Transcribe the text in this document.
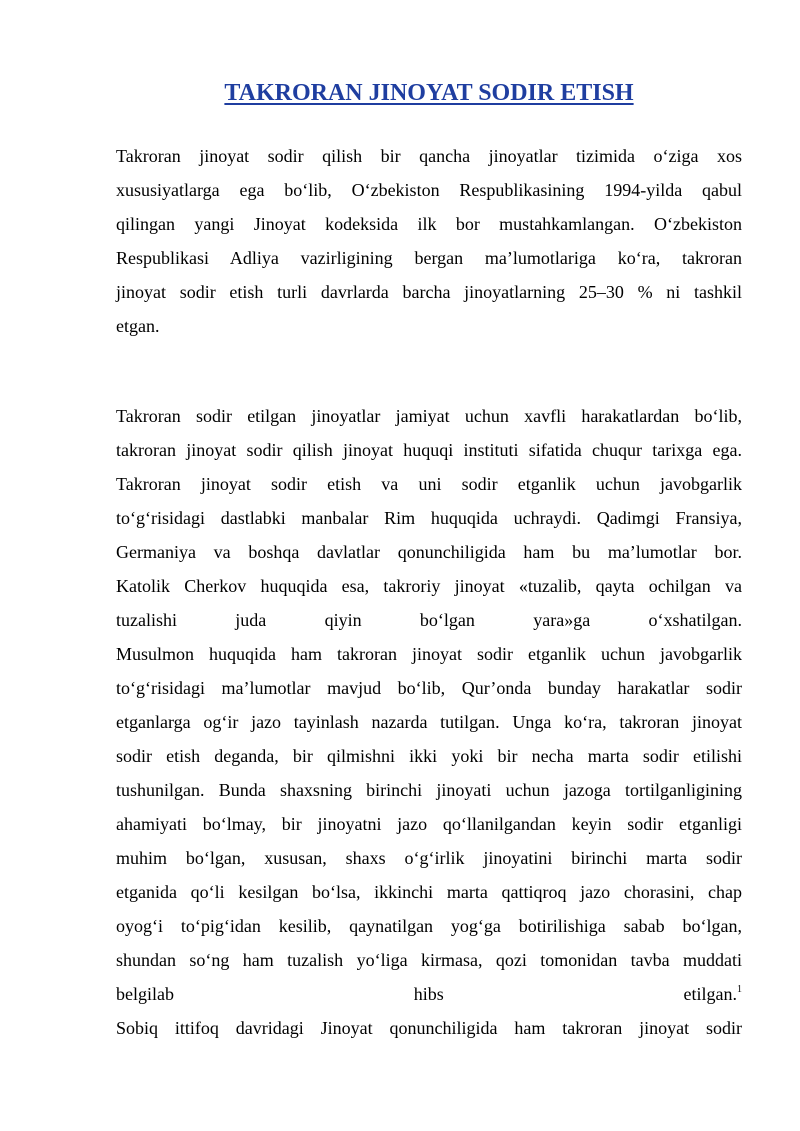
TAKRORAN JINOYAT SODIR ETISH
Takroran jinoyat sodir qilish bir qancha jinoyatlar tizimida o‘ziga xos
xususiyatlarga ega bo‘lib, O‘zbekiston Respublikasining 1994-yilda qabul
qilingan yangi Jinoyat kodeksida ilk bor mustahkamlangan. O‘zbekiston
Respublikasi Adliya vazirligining bergan ma’lumotlariga ko‘ra, takroran
jinoyat sodir etish turli davrlarda barcha jinoyatlarning 25–30 % ni tashkil
etgan.
Takroran sodir etilgan jinoyatlar jamiyat uchun xavfli harakatlardan bo‘lib,
takroran jinoyat sodir qilish jinoyat huquqi instituti sifatida chuqur tarixga ega.
Takroran jinoyat sodir etish va uni sodir etganlik uchun javobgarlik
to‘g‘risidagi dastlabki manbalar Rim huquqida uchraydi. Qadimgi Fransiya,
Germaniya va boshqa davlatlar qonunchiligida ham bu ma’lumotlar bor.
Katolik Cherkov huquqida esa, takroriy jinoyat «tuzalib, qayta ochilgan va
tuzalishi juda qiyin bo‘lgan yara»ga o‘xshatilgan.
Musulmon huquqida ham takroran jinoyat sodir etganlik uchun javobgarlik
to‘g‘risidagi ma’lumotlar mavjud bo‘lib, Qur’onda bunday harakatlar sodir
etganlarga og‘ir jazo tayinlash nazarda tutilgan. Unga ko‘ra, takroran jinoyat
sodir etish deganda, bir qilmishni ikki yoki bir necha marta sodir etilishi
tushunilgan. Bunda shaxsning birinchi jinoyati uchun jazoga tortilganligining
ahamiyati bo‘lmay, bir jinoyatni jazo qo‘llanilgandan keyin sodir etganligi
muhim bo‘lgan, xususan, shaxs o‘g‘irlik jinoyatini birinchi marta sodir
etganida qo‘li kesilgan bo‘lsa, ikkinchi marta qattiqroq jazo chorasini, chap
oyog‘i to‘pig‘idan kesilib, qaynatilgan yog‘ga botirilishiga sabab bo‘lgan,
shundan so‘ng ham tuzalish yo‘liga kirmasa, qozi tomonidan tavba muddati
belgilab hibs etilgan.$^1$
Sobiq ittifoq davridagi Jinoyat qonunchiligida ham takroran jinoyat sodir
